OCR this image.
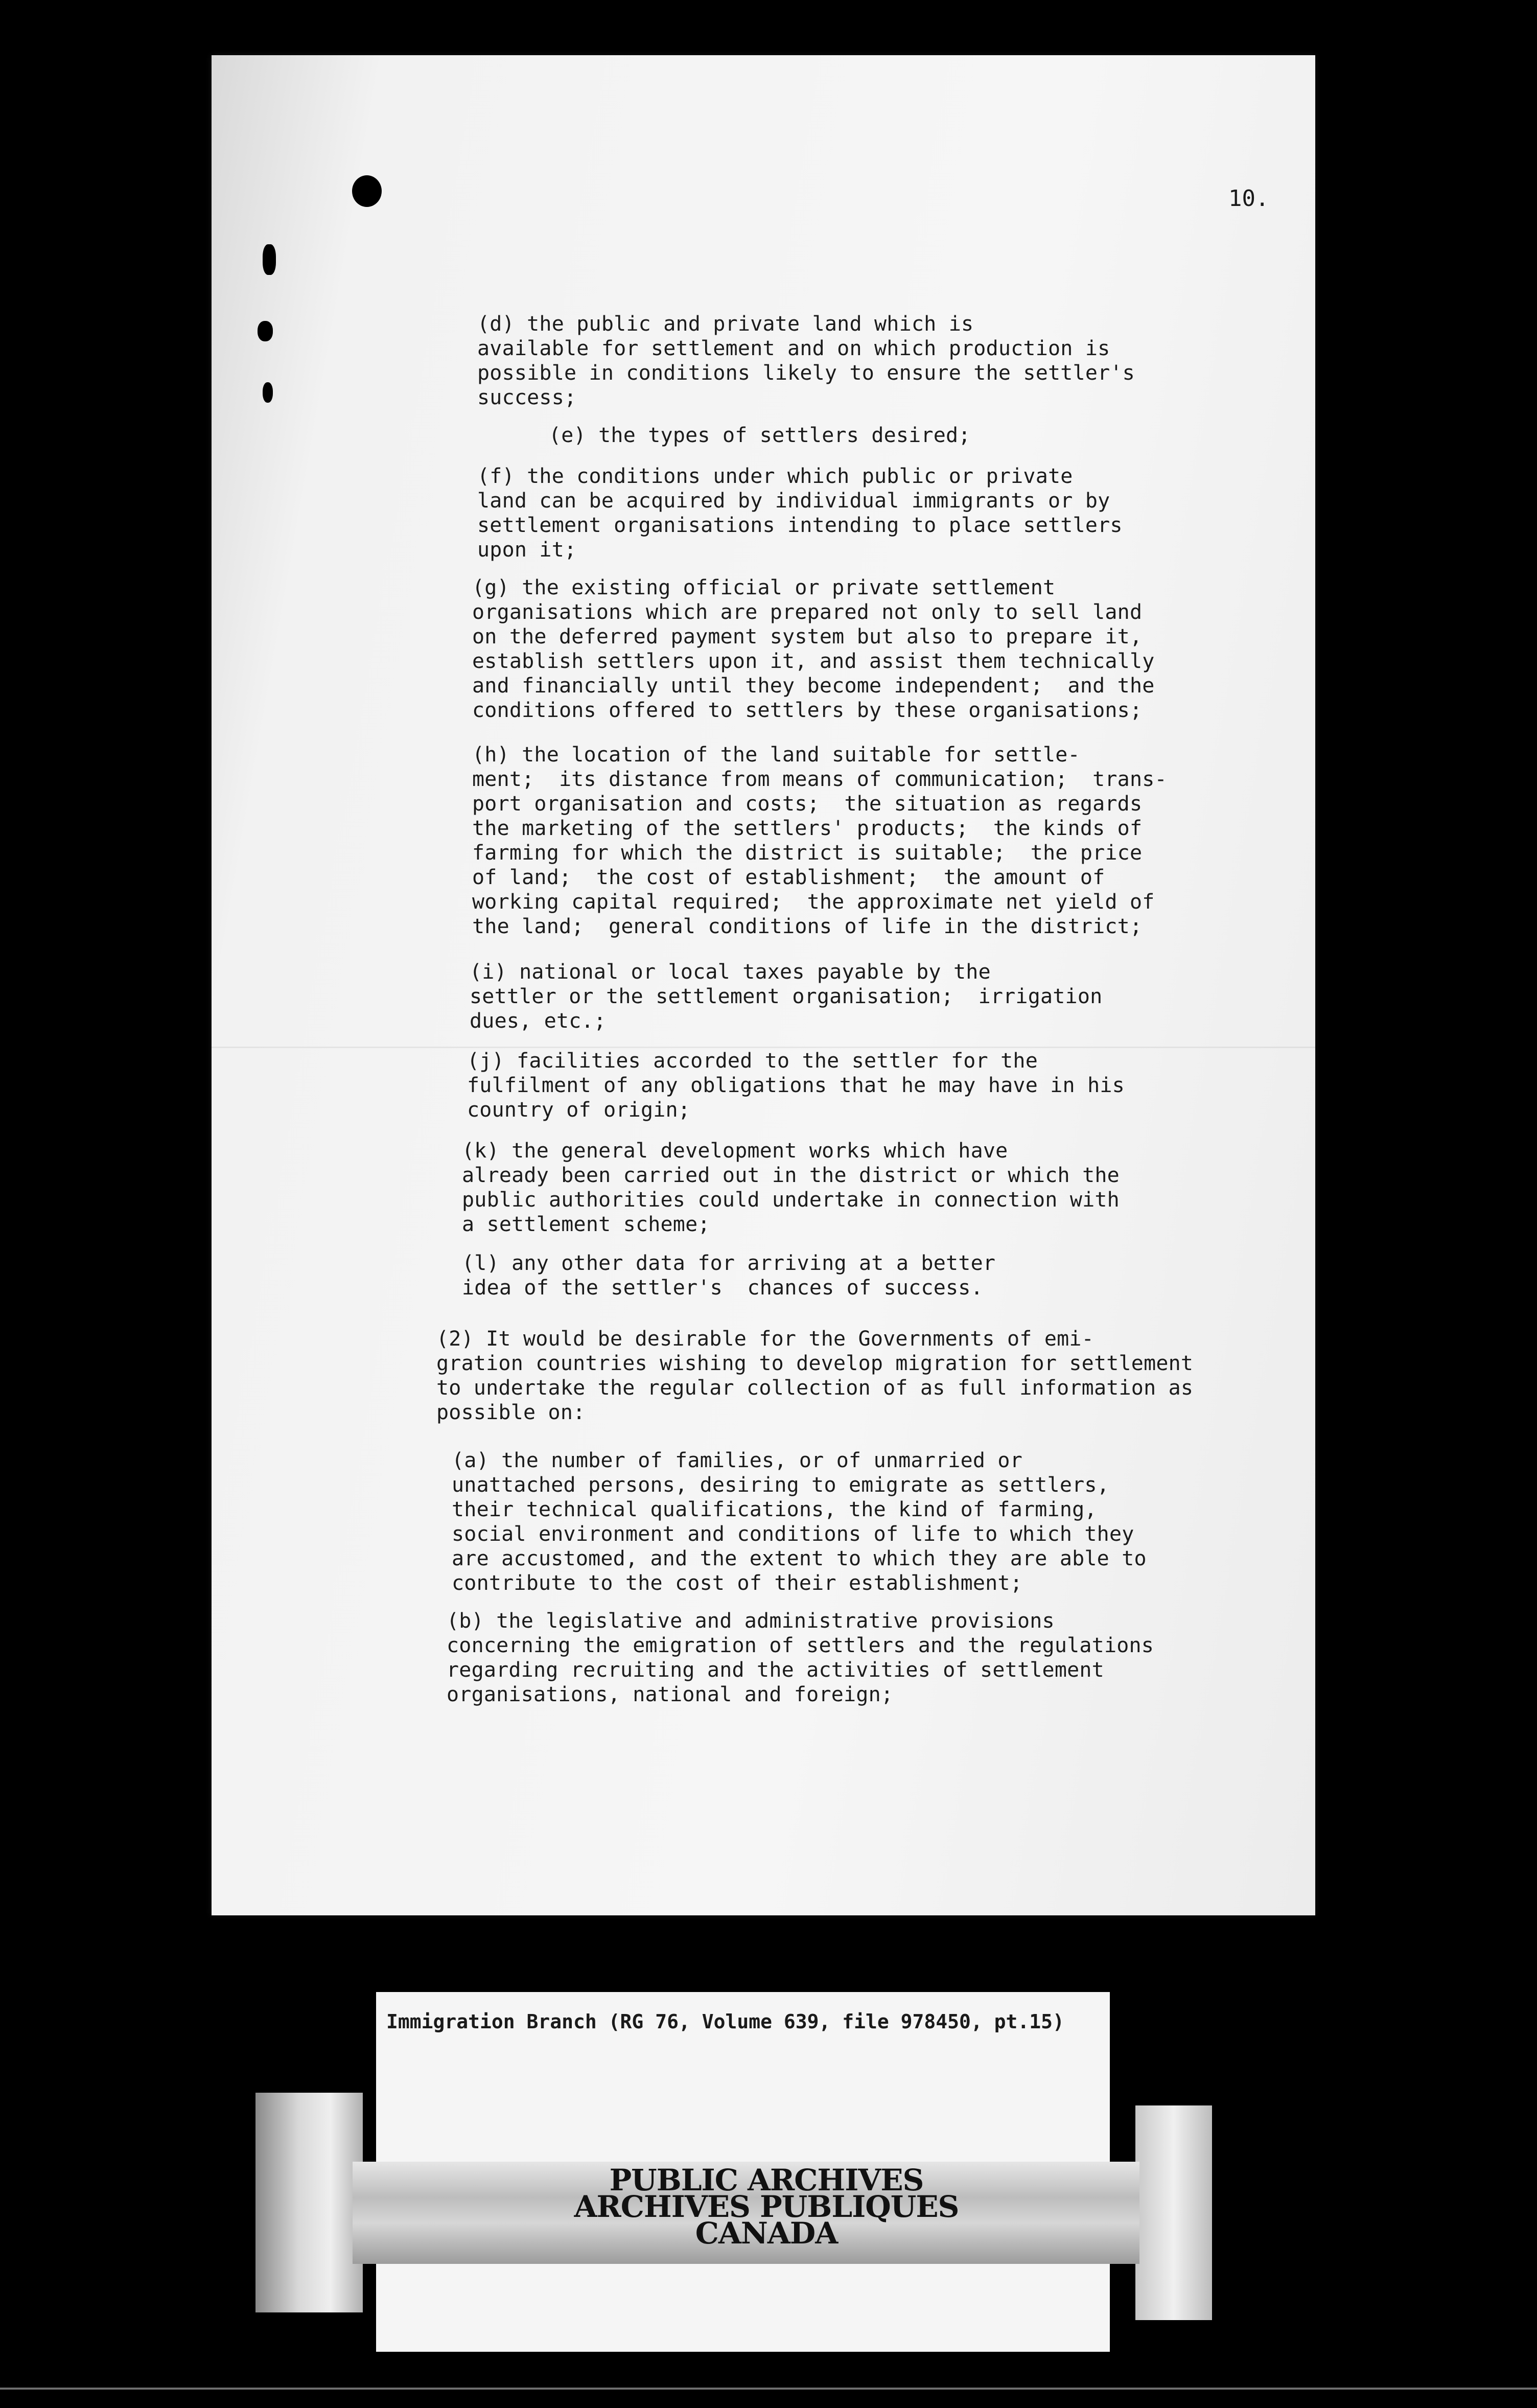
10.

(d) the public and private land which is
available for settlement and on which production is
possible in conditions likely to ensure the settler's
success;

(e) the types of settlers desired;

(f) the conditions under which public or private
land can be acquired by individual immigrants or by
settlement organisations intending to place settlers
upon it;

(g) the existing official or private settlement
organisations which are prepared not only to sell land
on the deferred payment system but also to prepare it,
establish settlers upon it, and assist them technically
and financially until they become independent;  and the
conditions offered to settlers by these organisations;

(h) the location of the land suitable for settle-
ment;  its distance from means of communication;  trans-
port organisation and costs;  the situation as regards
the marketing of the settlers' products;  the kinds of
farming for which the district is suitable;  the price
of land;  the cost of establishment;  the amount of
working capital required;  the approximate net yield of
the land;  general conditions of life in the district;

(i) national or local taxes payable by the
settler or the settlement organisation;  irrigation
dues, etc.;

(j) facilities accorded to the settler for the
fulfilment of any obligations that he may have in his
country of origin;

(k) the general development works which have
already been carried out in the district or which the
public authorities could undertake in connection with
a settlement scheme;

(l) any other data for arriving at a better
idea of the settler's  chances of success.

(2) It would be desirable for the Governments of emi-
gration countries wishing to develop migration for settlement
to undertake the regular collection of as full information as
possible on:

(a) the number of families, or of unmarried or
unattached persons, desiring to emigrate as settlers,
their technical qualifications, the kind of farming,
social environment and conditions of life to which they
are accustomed, and the extent to which they are able to
contribute to the cost of their establishment;

(b) the legislative and administrative provisions
concerning the emigration of settlers and the regulations
regarding recruiting and the activities of settlement
organisations, national and foreign;

Immigration Branch (RG 76, Volume 639, file 978450, pt.15)
PUBLIC ARCHIVES
ARCHIVES PUBLIQUES
CANADA
